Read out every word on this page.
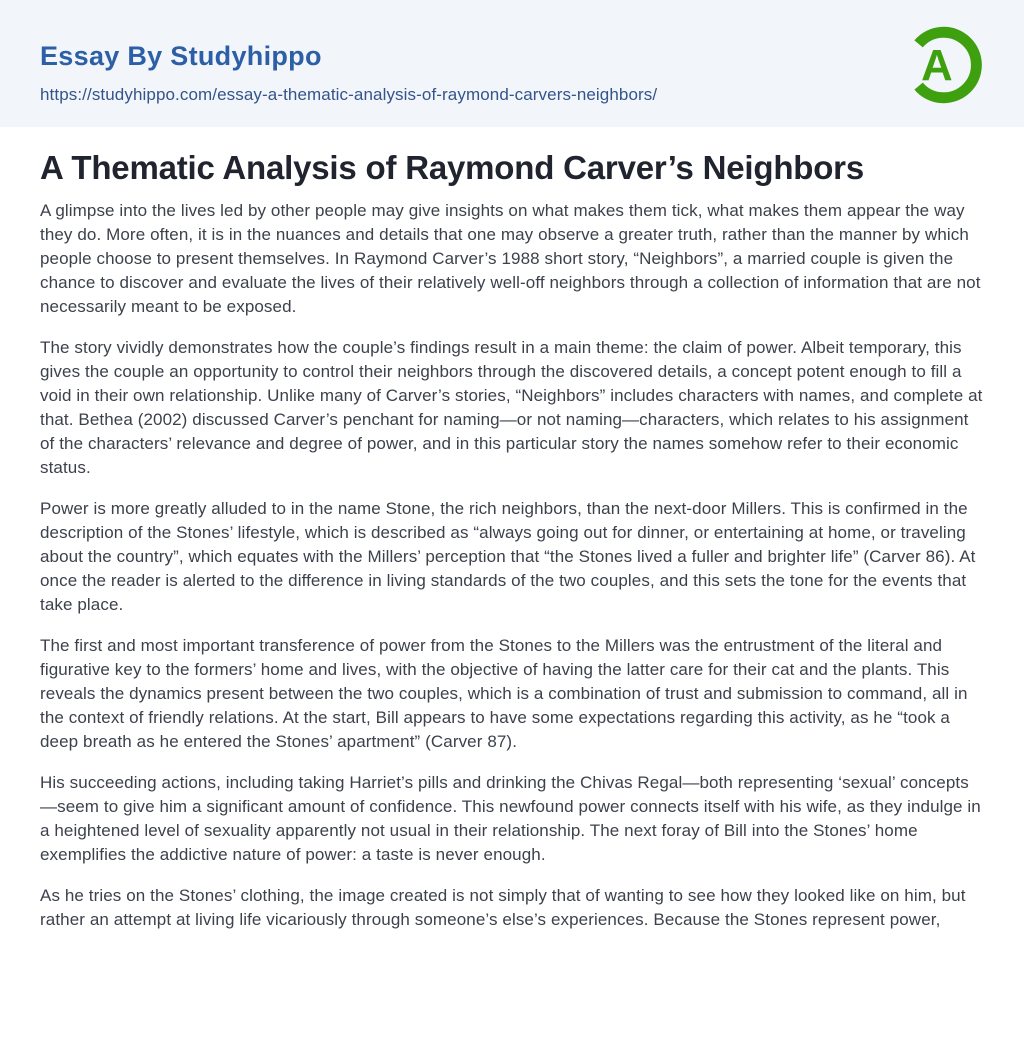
Essay By Studyhippo
https://studyhippo.com/essay-a-thematic-analysis-of-raymond-carvers-neighbors/
A
A Thematic Analysis of Raymond Carver’s Neighbors

A glimpse into the lives led by other people may give insights on what makes them tick, what makes them appear the way they do. More often, it is in the nuances and details that one may observe a greater truth, rather than the manner by which people choose to present themselves. In Raymond Carver’s 1988 short story, “Neighbors”, a married couple is given the chance to discover and evaluate the lives of their relatively well-off neighbors through a collection of information that are not necessarily meant to be exposed.

The story vividly demonstrates how the couple’s findings result in a main theme: the claim of power. Albeit temporary, this gives the couple an opportunity to control their neighbors through the discovered details, a concept potent enough to fill a void in their own relationship. Unlike many of Carver’s stories, “Neighbors” includes characters with names, and complete at that. Bethea (2002) discussed Carver’s penchant for naming—or not naming—characters, which relates to his assignment of the characters’ relevance and degree of power, and in this particular story the names somehow refer to their economic status.

Power is more greatly alluded to in the name Stone, the rich neighbors, than the next-door Millers. This is confirmed in the description of the Stones’ lifestyle, which is described as “always going out for dinner, or entertaining at home, or traveling about the country”, which equates with the Millers’ perception that “the Stones lived a fuller and brighter life” (Carver 86). At once the reader is alerted to the difference in living standards of the two couples, and this sets the tone for the events that take place.

The first and most important transference of power from the Stones to the Millers was the entrustment of the literal and figurative key to the formers’ home and lives, with the objective of having the latter care for their cat and the plants. This reveals the dynamics present between the two couples, which is a combination of trust and submission to command, all in the context of friendly relations. At the start, Bill appears to have some expectations regarding this activity, as he “took a deep breath as he entered the Stones’ apartment” (Carver 87).

His succeeding actions, including taking Harriet’s pills and drinking the Chivas Regal—both representing ‘sexual’ concepts—seem to give him a significant amount of confidence. This newfound power connects itself with his wife, as they indulge in a heightened level of sexuality apparently not usual in their relationship. The next foray of Bill into the Stones’ home exemplifies the addictive nature of power: a taste is never enough.

As he tries on the Stones’ clothing, the image created is not simply that of wanting to see how they looked like on him, but rather an attempt at living life vicariously through someone’s else’s experiences. Because the Stones represent power,
